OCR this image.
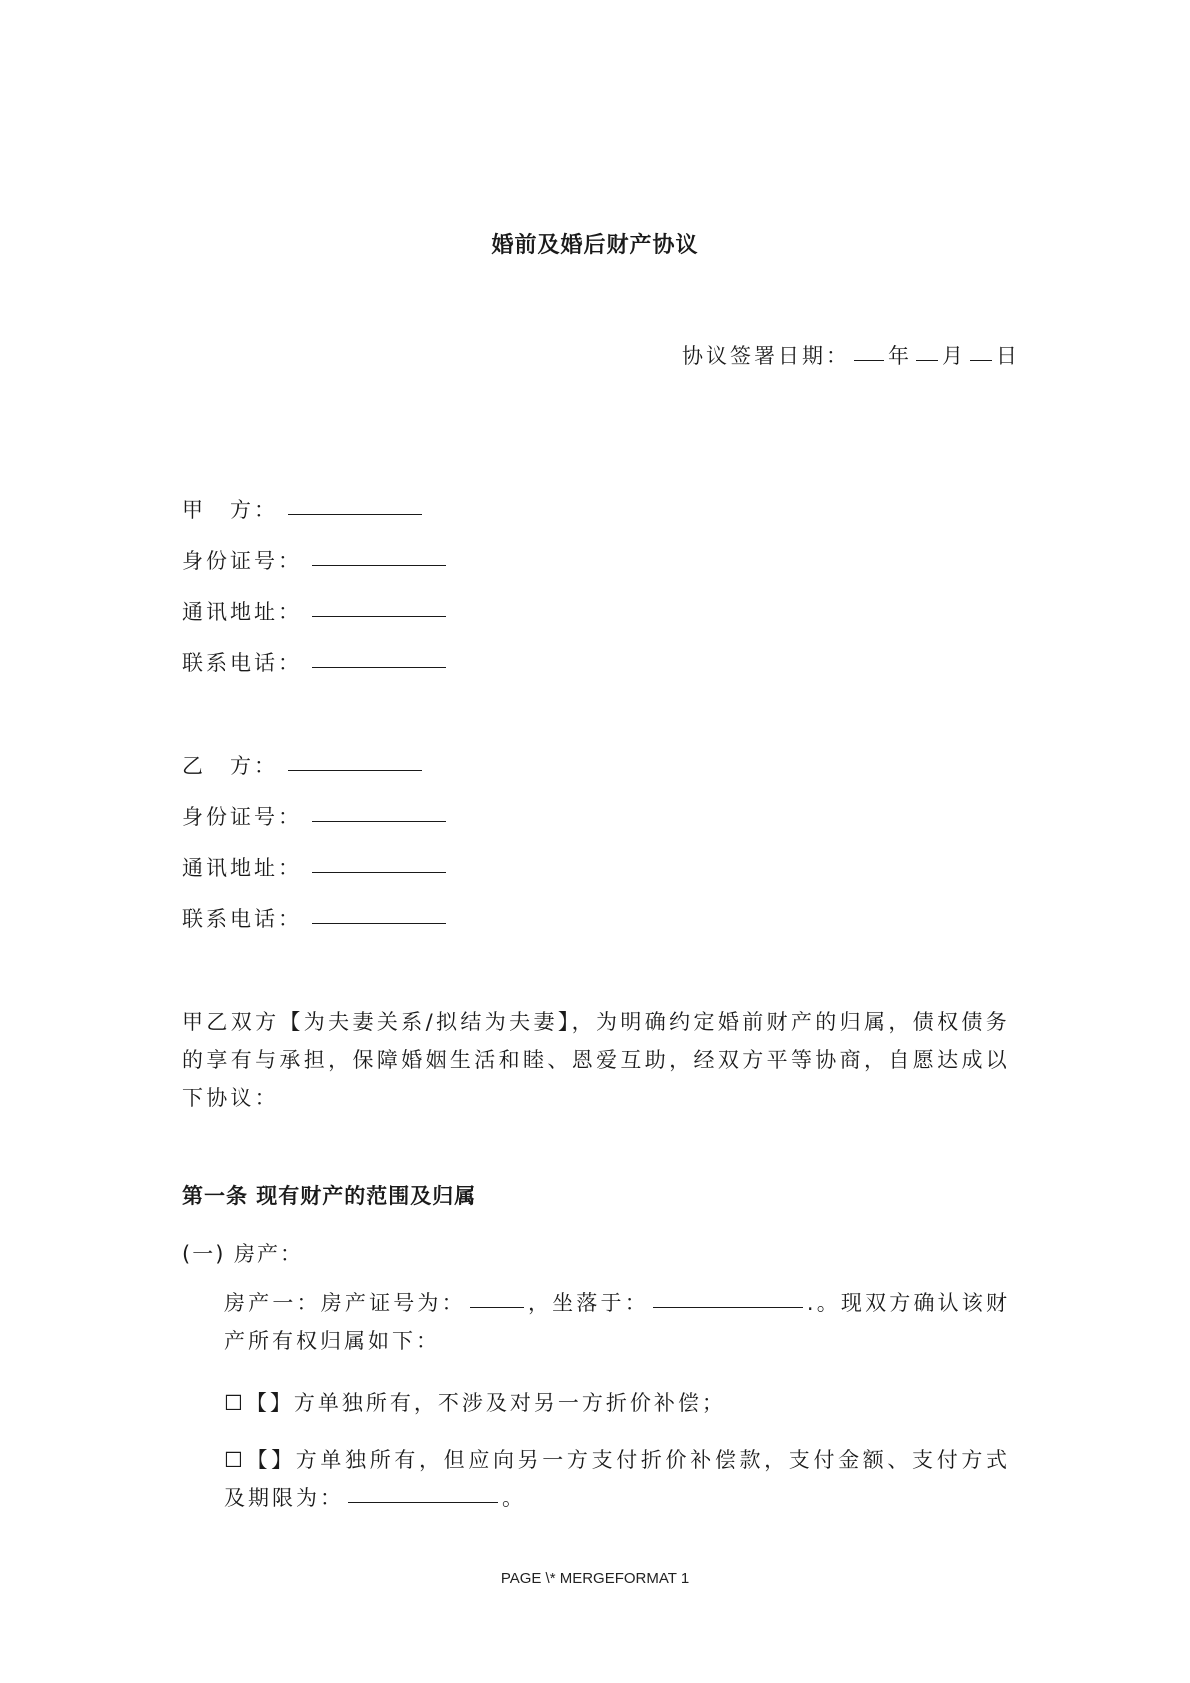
婚前及婚后财产协议
协议签署日期： 年 月 日
甲　方：
身份证号：
通讯地址：
联系电话：
乙　方：
身份证号：
通讯地址：
联系电话：
甲乙双方【为夫妻关系/拟结为夫妻】，为明确约定婚前财产的归属，债权债务的享有与承担，保障婚姻生活和睦、恩爱互助，经双方平等协商，自愿达成以下协议：
第一条 现有财产的范围及归属
(一) 房产：
房产一：房产证号为：	，坐落于：	.。现双方确认该财产所有权归属如下：
☐【】方单独所有，不涉及对另一方折价补偿；
☐【】方单独所有，但应向另一方支付折价补偿款，支付金额、支付方式及期限为：	。
PAGE \* MERGEFORMAT 1
